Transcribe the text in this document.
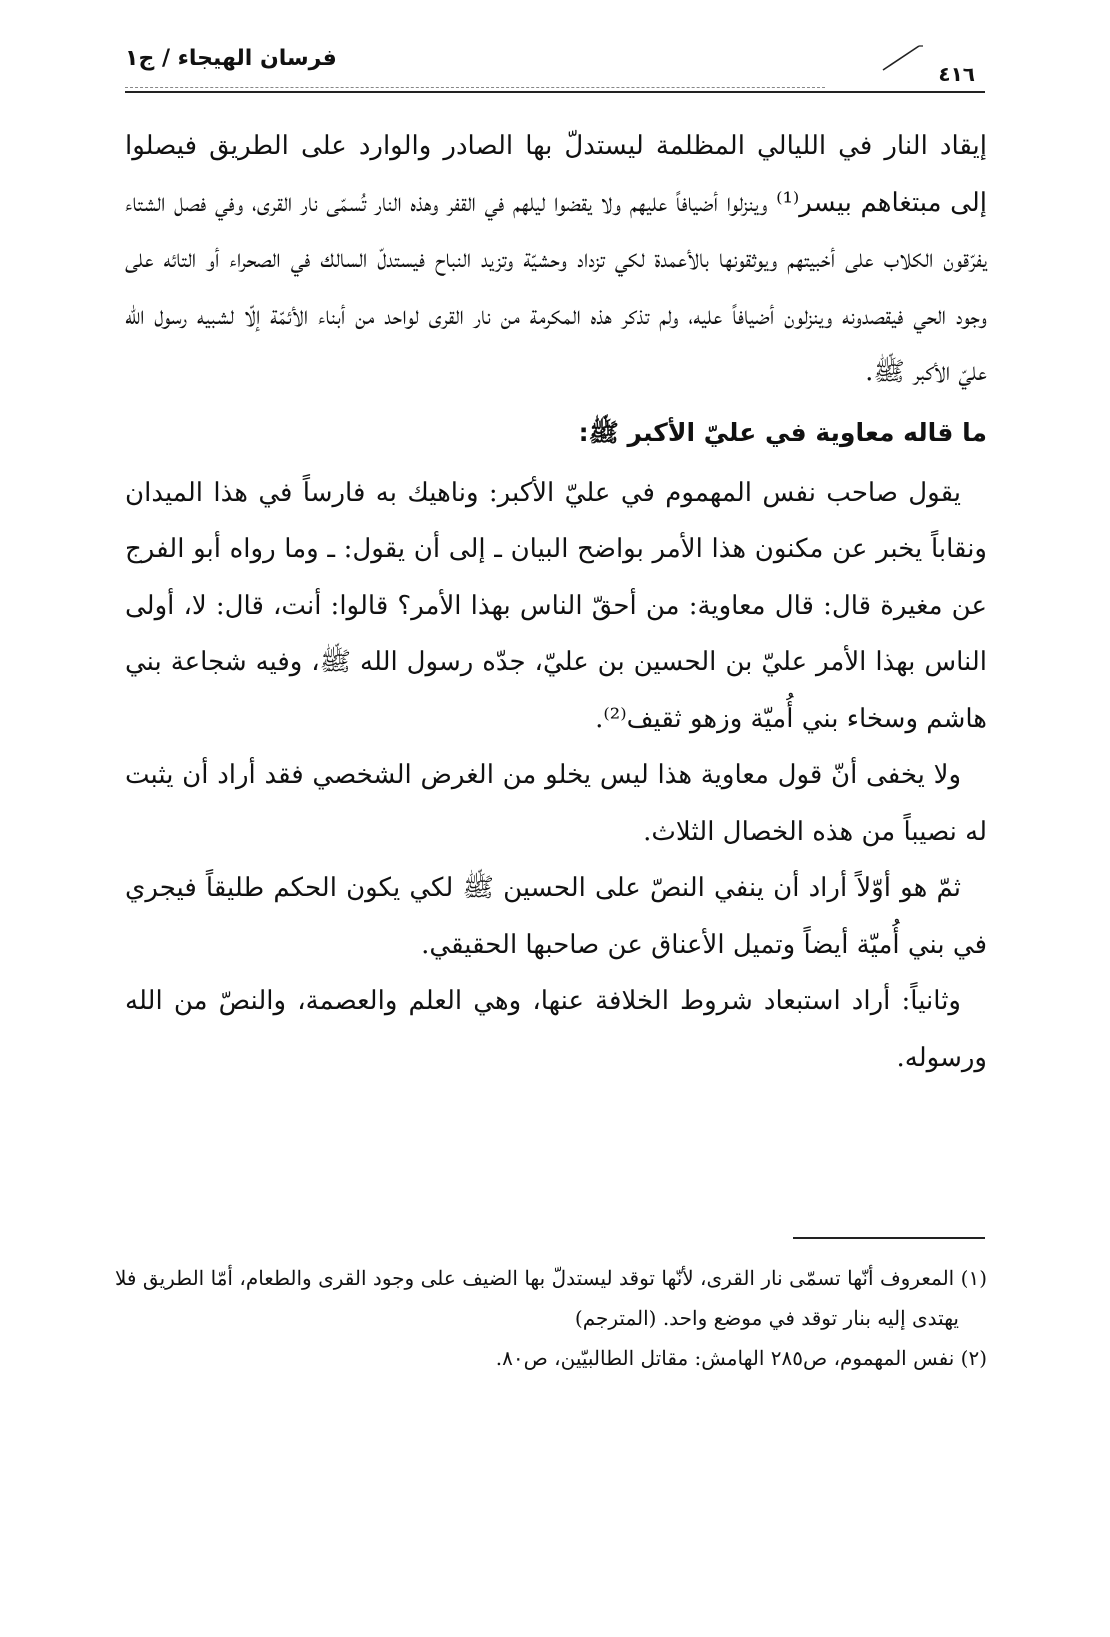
فرسان الهيجاء / ج١
٤١٦

إيقاد النار في الليالي المظلمة ليستدلّ بها الصادر والوارد على الطريق فيصلوا إلى مبتغاهم بيسر⁽¹⁾ وينزلوا أضيافاً عليهم ولا يقضوا ليلهم في القفر وهذه النار تُسمّى نار القرى، وفي فصل الشتاء يفرّقون الكلاب على أخبيتهم ويوثقونها بالأعمدة لكي تزداد وحشيّة وتزيد النباح فيستدلّ السالك في الصحراء أو التائه على وجود الحي فيقصدونه وينزلون أضيافاً عليه، ولم تذكر هذه المكرمة من نار القرى لواحد من أبناء الأئمّة إلّا لشبيه رسول الله عليّ الأكبر ﷺ.

ما قاله معاوية في عليّ الأكبر ﷺ:

يقول صاحب نفس المهموم في عليّ الأكبر: وناهيك به فارساً في هذا الميدان ونقاباً يخبر عن مكنون هذا الأمر بواضح البيان ـ إلى أن يقول: ـ وما رواه أبو الفرج عن مغيرة قال: قال معاوية: من أحقّ الناس بهذا الأمر؟ قالوا: أنت، قال: لا، أولى الناس بهذا الأمر عليّ بن الحسين بن عليّ، جدّه رسول الله ﷺ، وفيه شجاعة بني هاشم وسخاء بني أُميّة وزهو ثقيف⁽²⁾.

ولا يخفى أنّ قول معاوية هذا ليس يخلو من الغرض الشخصي فقد أراد أن يثبت له نصيباً من هذه الخصال الثلاث.

ثمّ هو أوّلاً أراد أن ينفي النصّ على الحسين ﷺ لكي يكون الحكم طليقاً فيجري في بني أُميّة أيضاً وتميل الأعناق عن صاحبها الحقيقي.

وثانياً: أراد استبعاد شروط الخلافة عنها، وهي العلم والعصمة، والنصّ من الله ورسوله.

(١) المعروف أنّها تسمّى نار القرى، لأنّها توقد ليستدلّ بها الضيف على وجود القرى والطعام، أمّا الطريق فلا يهتدى إليه بنار توقد في موضع واحد. (المترجم)

(٢) نفس المهموم، ص٢٨٥ الهامش: مقاتل الطالبيّين، ص٨٠.
